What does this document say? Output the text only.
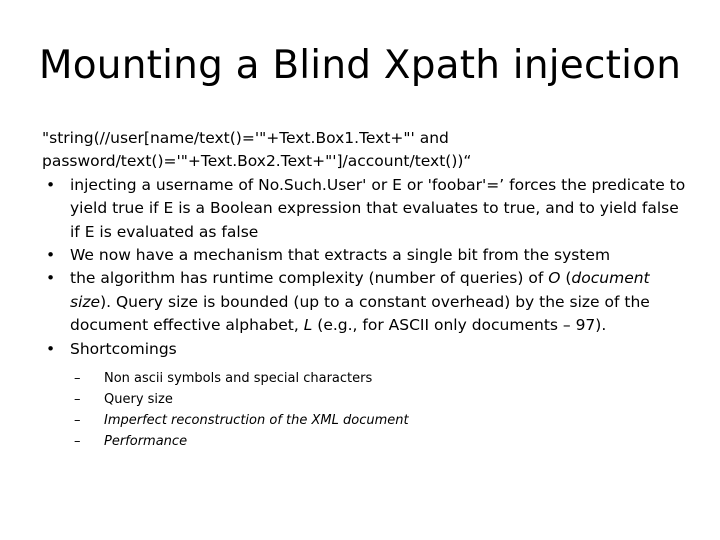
Mounting a Blind Xpath injection

"string(//user[name/text()='"+Text.Box1.Text+"' and

password/text()='"+Text.Box2.Text+"']/account/text())“

• injecting a username of No.Such.User' or E or 'foobar'=’ forces the predicate to yield true if E is a Boolean expression that evaluates to true, and to yield false if E is evaluated as false
• We now have a mechanism that extracts a single bit from the system
• the algorithm has runtime complexity (number of queries) of O (document size). Query size is bounded (up to a constant overhead) by the size of the document effective alphabet, L (e.g., for ASCII only documents – 97).
• Shortcomings
– Non ascii symbols and special characters
– Query size
– Imperfect reconstruction of the XML document
– Performance
